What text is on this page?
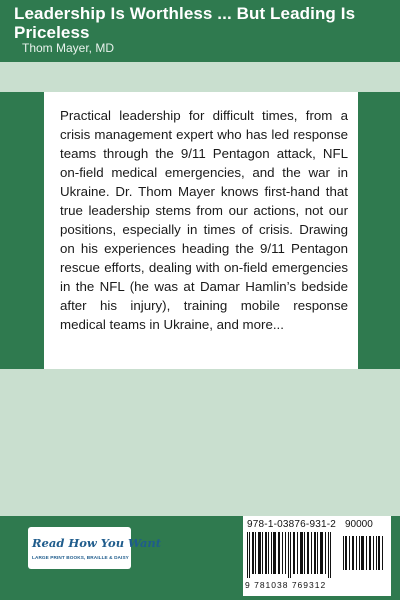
Leadership Is Worthless ... But Leading Is Priceless
Thom Mayer, MD

Practical leadership for difficult times, from a crisis management expert who has led response teams through the 9/11 Pentagon attack, NFL on-field medical emergencies, and the war in Ukraine. Dr. Thom Mayer knows first-hand that true leadership stems from our actions, not our positions, especially in times of crisis. Drawing on his experiences heading the 9/11 Pentagon rescue efforts, dealing with on-field emergencies in the NFL (he was at Damar Hamlin’s bedside after his injury), training mobile response medical teams in Ukraine, and more...

Read How You Want
LARGE PRINT BOOKS, BRAILLE & DAISY
978-1-03876-931-2 90000
9 781038 769312
